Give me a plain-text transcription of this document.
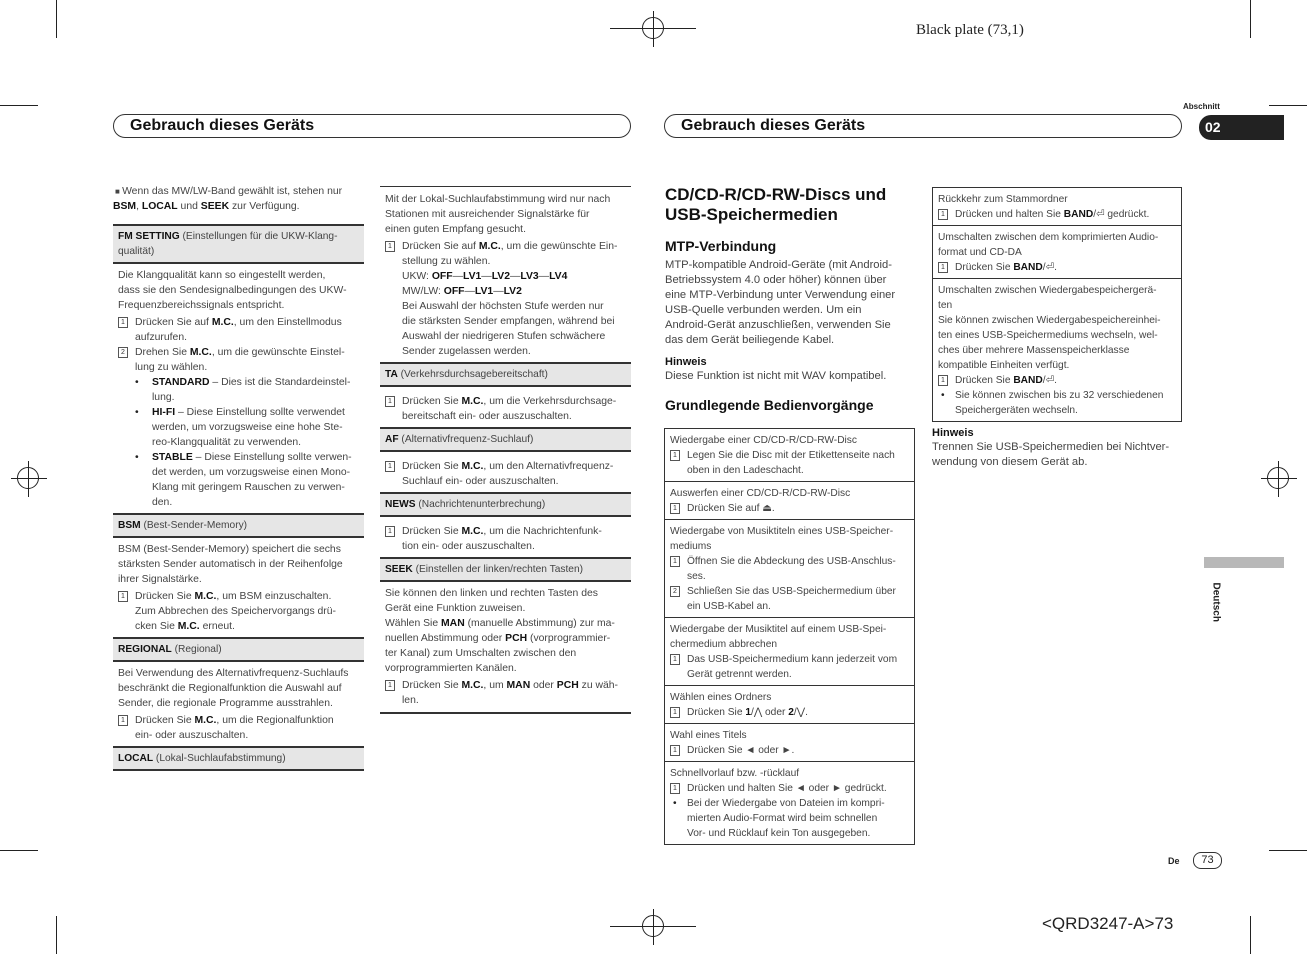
Black plate (73,1)
<QRD3247-A>73
Gebrauch dieses Geräts	Gebrauch dieses Geräts
Abschnitt
02
Deutsch
De	73

■ Wenn das MW/LW-Band gewählt ist, stehen nur

BSM, LOCAL und SEEK zur Verfügung.

FM SETTING (Einstellungen für die UKW-Klang-
qualität)

Die Klangqualität kann so eingestellt werden,

dass sie den Sendesignalbedingungen des UKW-

Frequenzbereichssignals entspricht.

1 Drücken Sie auf M.C., um den Einstellmodus
aufzurufen.
2 Drehen Sie M.C., um die gewünschte Einstel-
lung zu wählen.
• STANDARD – Dies ist die Standardeinstel-
lung.
• HI-FI – Diese Einstellung sollte verwendet
werden, um vorzugsweise eine hohe Ste-
reo-Klangqualität zu verwenden.
• STABLE – Diese Einstellung sollte verwen-
det werden, um vorzugsweise einen Mono-
Klang mit geringem Rauschen zu verwen-
den.
BSM (Best-Sender-Memory)

BSM (Best-Sender-Memory) speichert die sechs

stärksten Sender automatisch in der Reihenfolge

ihrer Signalstärke.

1 Drücken Sie M.C., um BSM einzuschalten.
Zum Abbrechen des Speichervorgangs drü-
cken Sie M.C. erneut.
REGIONAL (Regional)

Bei Verwendung des Alternativfrequenz-Suchlaufs

beschränkt die Regionalfunktion die Auswahl auf

Sender, die regionale Programme ausstrahlen.

1 Drücken Sie M.C., um die Regionalfunktion
ein- oder auszuschalten.
LOCAL (Lokal-Suchlaufabstimmung)

Mit der Lokal-Suchlaufabstimmung wird nur nach

Stationen mit ausreichender Signalstärke für

einen guten Empfang gesucht.

1 Drücken Sie auf M.C., um die gewünschte Ein-
stellung zu wählen.
UKW: OFF—LV1—LV2—LV3—LV4
MW/LW: OFF—LV1—LV2
Bei Auswahl der höchsten Stufe werden nur
die stärksten Sender empfangen, während bei
Auswahl der niedrigeren Stufen schwächere
Sender zugelassen werden.
TA (Verkehrsdurchsagebereitschaft)
1 Drücken Sie M.C., um die Verkehrsdurchsage-
bereitschaft ein- oder auszuschalten.
AF (Alternativfrequenz-Suchlauf)
1 Drücken Sie M.C., um den Alternativfrequenz-
Suchlauf ein- oder auszuschalten.
NEWS (Nachrichtenunterbrechung)
1 Drücken Sie M.C., um die Nachrichtenfunk-
tion ein- oder auszuschalten.
SEEK (Einstellen der linken/rechten Tasten)

Sie können den linken und rechten Tasten des

Gerät eine Funktion zuweisen.

Wählen Sie MAN (manuelle Abstimmung) zur ma-

nuellen Abstimmung oder PCH (vorprogrammier-

ter Kanal) zum Umschalten zwischen den

vorprogrammierten Kanälen.

1 Drücken Sie M.C., um MAN oder PCH zu wäh-
len.
CD/CD-R/CD-RW-Discs und
USB-Speichermedien
MTP-Verbindung
MTP-kompatible Android-Geräte (mit Android-
Betriebssystem 4.0 oder höher) können über
eine MTP-Verbindung unter Verwendung einer
USB-Quelle verbunden werden. Um ein
Android-Gerät anzuschließen, verwenden Sie
das dem Gerät beiliegende Kabel.
Hinweis
Diese Funktion ist nicht mit WAV kompatibel.
Grundlegende Bedienvorgänge
Wiedergabe einer CD/CD-R/CD-RW-Disc
1 Legen Sie die Disc mit der Etikettenseite nach
oben in den Ladeschacht.
Auswerfen einer CD/CD-R/CD-RW-Disc
1 Drücken Sie auf ⏏.
Wiedergabe von Musiktiteln eines USB-Speicher-
mediums
1 Öffnen Sie die Abdeckung des USB-Anschlus-
ses.
2 Schließen Sie das USB-Speichermedium über
ein USB-Kabel an.
Wiedergabe der Musiktitel auf einem USB-Spei-
chermedium abbrechen
1 Das USB-Speichermedium kann jederzeit vom
Gerät getrennt werden.
Wählen eines Ordners
1 Drücken Sie 1/⋀ oder 2/⋁.
Wahl eines Titels
1 Drücken Sie ◄ oder ►.
Schnellvorlauf bzw. -rücklauf
1 Drücken und halten Sie ◄ oder ► gedrückt.
• Bei der Wiedergabe von Dateien im kompri-
mierten Audio-Format wird beim schnellen
Vor- und Rücklauf kein Ton ausgegeben.
Rückkehr zum Stammordner
1 Drücken und halten Sie BAND/⏎ gedrückt.
Umschalten zwischen dem komprimierten Audio-
format und CD-DA
1 Drücken Sie BAND/⏎.
Umschalten zwischen Wiedergabespeichergerä-
ten
Sie können zwischen Wiedergabespeichereinhei-
ten eines USB-Speichermediums wechseln, wel-
ches über mehrere Massenspeicherklasse
kompatible Einheiten verfügt.
1 Drücken Sie BAND/⏎.
• Sie können zwischen bis zu 32 verschiedenen
Speichergeräten wechseln.
Hinweis
Trennen Sie USB-Speichermedien bei Nichtver-
wendung von diesem Gerät ab.
